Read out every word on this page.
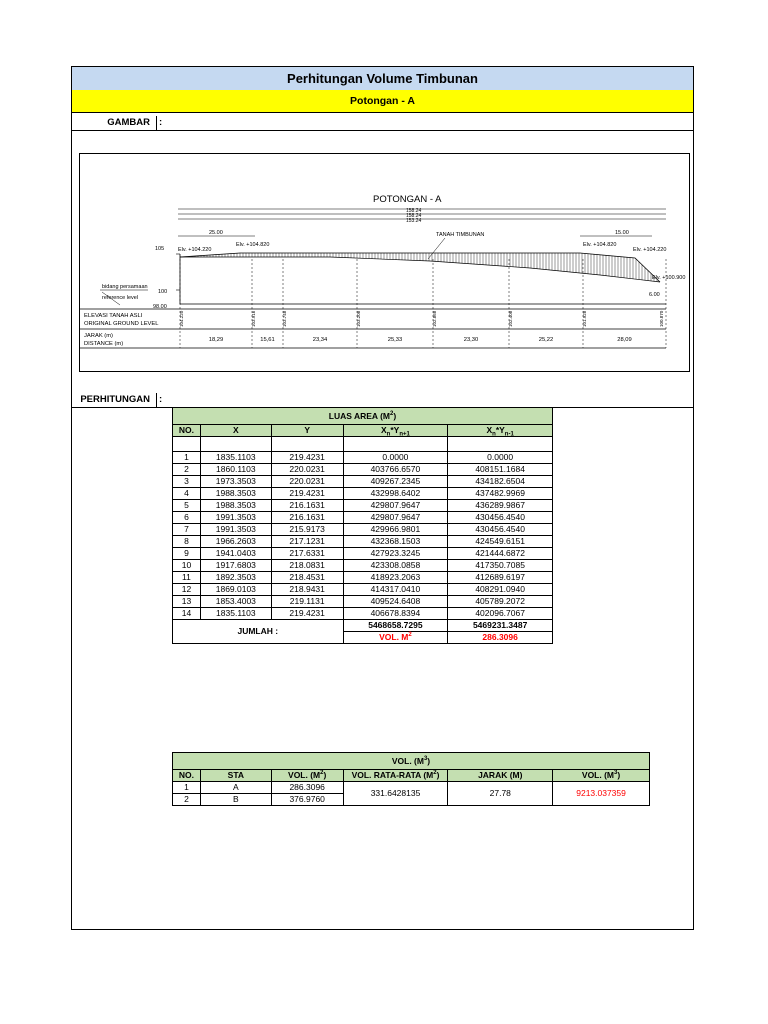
Perhitungan Volume Timbunan
Potongan - A
GAMBAR :
POTONGAN - A
158.24
158.24
153.24
25.00	15.00
Elv. +104.220
Elv. +104.820	Elv. +104.820
Elv. +104.220
Elv. +100.900
6.00
TANAH TIMBUNAN
105
100
98.00
bidang persamaan
reference level
ELEVASI TANAH ASLI
ORIGINAL GROUND LEVEL
JARAK (m)
DISTANCE (m)
104.220	103.916	103.748	103.208	102.868	102.408	101.928	100.870
18,29	15,61	23,34	25,33	23,30	25,22	28,09
PERHITUNGAN :
LUAS AREA $(M^2)$				
NO.	X	Y	$X_n*Y_{n+1}$	$X_n*Y_{n-1}$

1	1835.1103	219.4231	0.0000	0.0000
2	1860.1103	220.0231	403766.6570	408151.1684
3	1973.3503	220.0231	409267.2345	434182.6504
4	1988.3503	219.4231	432998.6402	437482.9969
5	1988.3503	216.1631	429807.9647	436289.9867
6	1991.3503	216.1631	429807.9647	430456.4540
7	1991.3503	215.9173	429966.9801	430456.4540
8	1966.2603	217.1231	432368.1503	424549.6151
9	1941.0403	217.6331	427923.3245	421444.6872
10	1917.6803	218.0831	423308.0858	417350.7085
11	1892.3503	218.4531	418923.2063	412689.6197
12	1869.0103	218.9431	414317.0410	408291.0940
13	1853.4003	219.1131	409524.6408	405789.2072
14	1835.1103	219.4231	406678.8394	402096.7067
JUMLAH :			5468658.7295	5469231.3487
			VOL. $M^2$	286.3096
VOL. $(M^3)$					
NO.	STA	VOL. $(M^2)$	VOL. RATA-RATA $(M^2)$	JARAK (M)	VOL. $(M^3)$
1	A	286.3096	331.6428135	27.78	9213.037359
2	B	376.9760			
